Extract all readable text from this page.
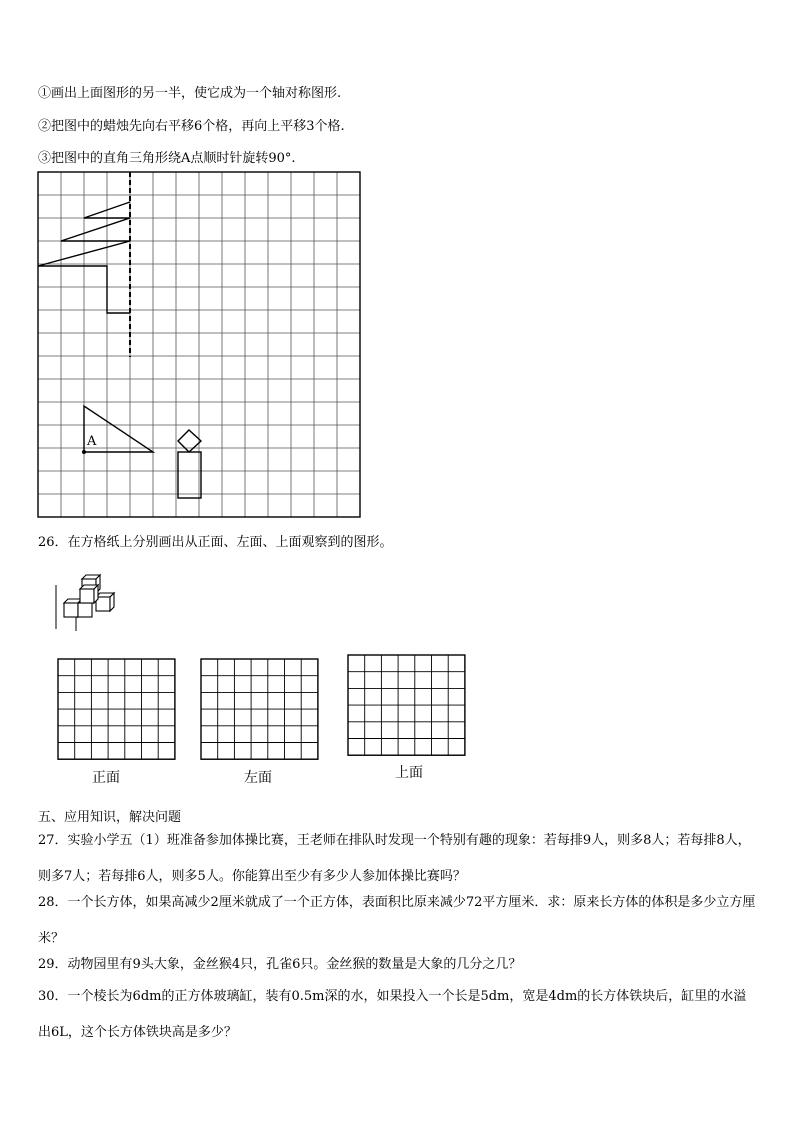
①画出上面图形的另一半，使它成为一个轴对称图形.
②把图中的蜡烛先向右平移6个格，再向上平移3个格.
③把图中的直角三角形绕A点顺时针旋转90°.
A
26．在方格纸上分别画出从正面、左面、上面观察到的图形。
正面	左面	上面
五、应用知识，解决问题
27．实验小学五（1）班准备参加体操比赛，王老师在排队时发现一个特别有趣的现象：若每排9人，则多8人；若每排8人，则多7人；若每排6人，则多5人。你能算出至少有多少人参加体操比赛吗？
28．一个长方体，如果高减少2厘米就成了一个正方体，表面积比原来减少72平方厘米．求：原来长方体的体积是多少立方厘米？
29．动物园里有9头大象，金丝猴4只，孔雀6只。金丝猴的数量是大象的几分之几？
30．一个棱长为6dm的正方体玻璃缸，装有0.5m深的水，如果投入一个长是5dm，宽是4dm的长方体铁块后，缸里的水溢出6L，这个长方体铁块高是多少？
